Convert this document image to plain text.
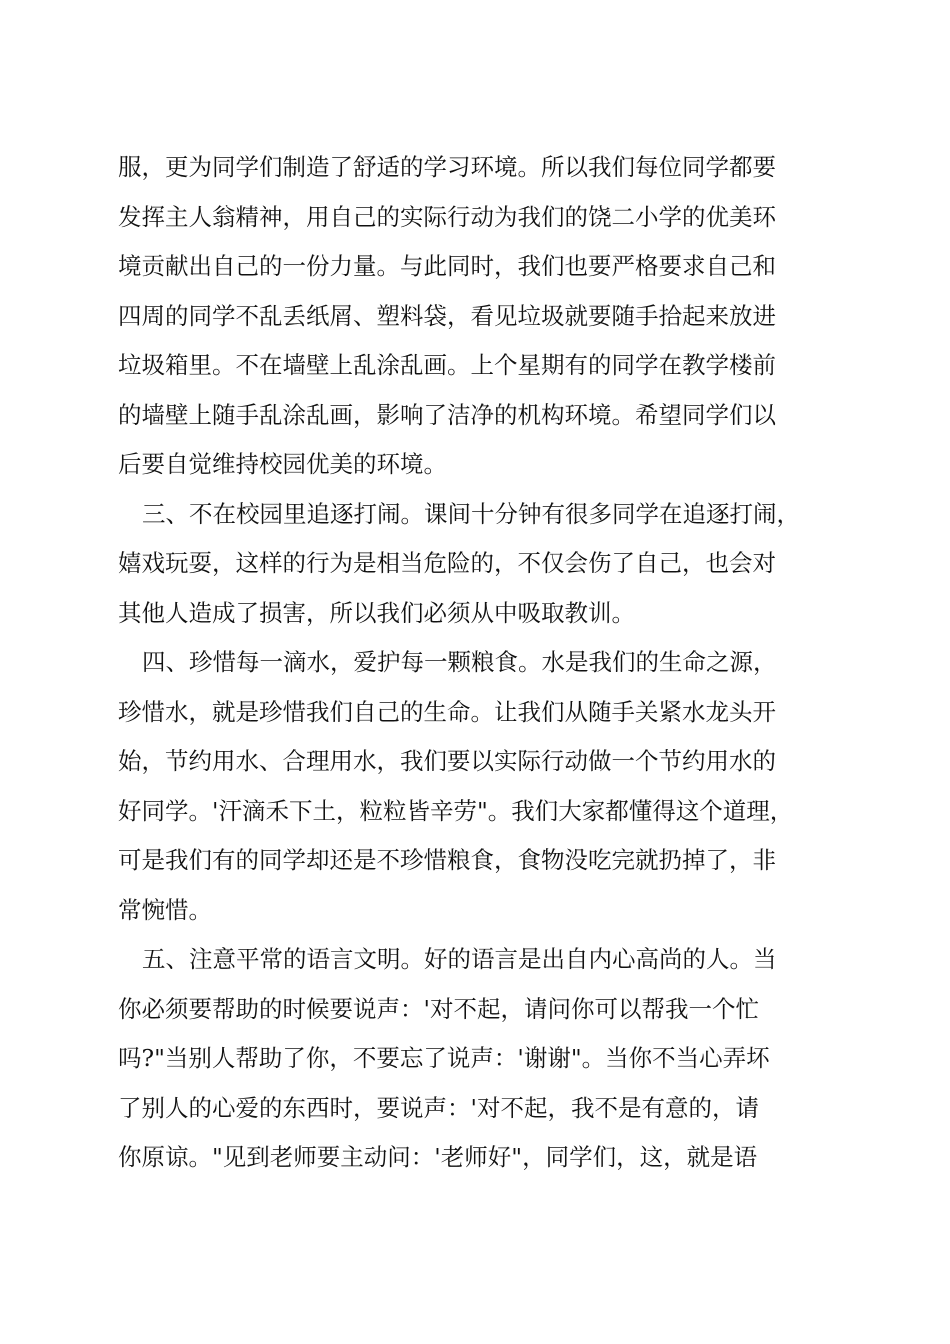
服，更为同学们制造了舒适的学习环境。所以我们每位同学都要
发挥主人翁精神，用自己的实际行动为我们的饶二小学的优美环
境贡献出自己的一份力量。与此同时，我们也要严格要求自己和
四周的同学不乱丢纸屑、塑料袋，看见垃圾就要随手拾起来放进
垃圾箱里。不在墙壁上乱涂乱画。上个星期有的同学在教学楼前
的墙壁上随手乱涂乱画，影响了洁净的机构环境。希望同学们以
后要自觉维持校园优美的环境。
三、不在校园里追逐打闹。课间十分钟有很多同学在追逐打闹，
嬉戏玩耍，这样的行为是相当危险的，不仅会伤了自己，也会对
其他人造成了损害，所以我们必须从中吸取教训。
四、珍惜每一滴水，爱护每一颗粮食。水是我们的生命之源，
珍惜水，就是珍惜我们自己的生命。让我们从随手关紧水龙头开
始，节约用水、合理用水，我们要以实际行动做一个节约用水的
好同学。'汗滴禾下土，粒粒皆辛劳"。我们大家都懂得这个道理，
可是我们有的同学却还是不珍惜粮食，食物没吃完就扔掉了，非
常惋惜。
五、注意平常的语言文明。好的语言是出自内心高尚的人。当
你必须要帮助的时候要说声：'对不起，请问你可以帮我一个忙
吗?"当别人帮助了你，不要忘了说声：'谢谢"。当你不当心弄坏
了别人的心爱的东西时，要说声：'对不起，我不是有意的，请
你原谅。"见到老师要主动问：'老师好"，同学们，这，就是语
